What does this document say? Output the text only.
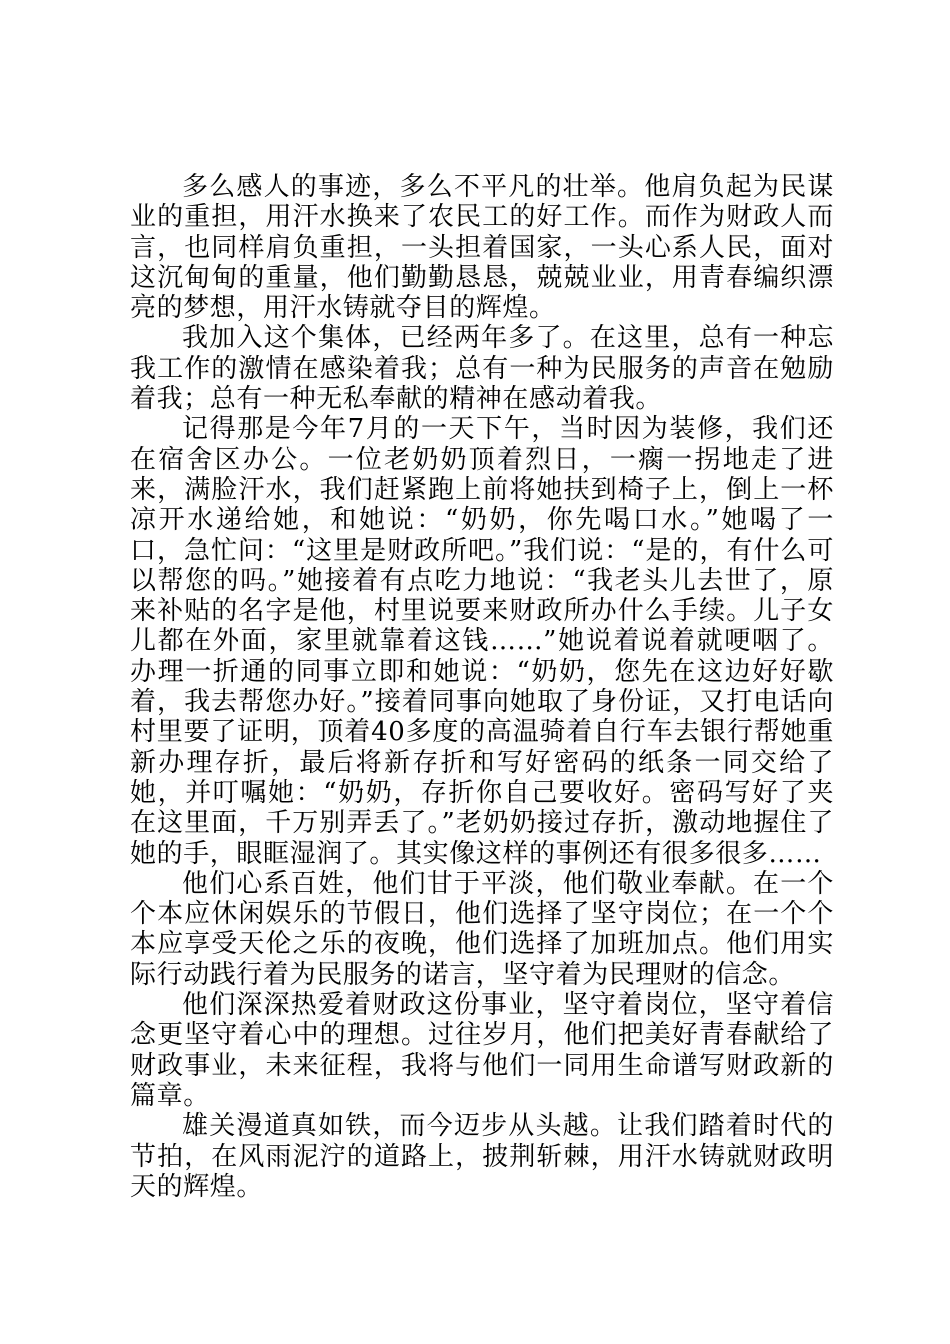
多么感人的事迹，多么不平凡的壮举。他肩负起为民谋业的重担，用汗水换来了农民工的好工作。而作为财政人而言，也同样肩负重担，一头担着国家，一头心系人民，面对这沉甸甸的重量，他们勤勤恳恳，兢兢业业，用青春编织漂亮的梦想，用汗水铸就夺目的辉煌。

我加入这个集体，已经两年多了。在这里，总有一种忘我工作的激情在感染着我；总有一种为民服务的声音在勉励着我；总有一种无私奉献的精神在感动着我。

记得那是今年7月的一天下午，当时因为装修，我们还在宿舍区办公。一位老奶奶顶着烈日，一瘸一拐地走了进来，满脸汗水，我们赶紧跑上前将她扶到椅子上，倒上一杯凉开水递给她，和她说：“奶奶，你先喝口水。”她喝了一口，急忙问：“这里是财政所吧。”我们说：“是的，有什么可以帮您的吗。”她接着有点吃力地说：“我老头儿去世了，原来补贴的名字是他，村里说要来财政所办什么手续。儿子女儿都在外面，家里就靠着这钱……”她说着说着就哽咽了。办理一折通的同事立即和她说：“奶奶，您先在这边好好歇着，我去帮您办好。”接着同事向她取了身份证，又打电话向村里要了证明，顶着40多度的高温骑着自行车去银行帮她重新办理存折，最后将新存折和写好密码的纸条一同交给了她，并叮嘱她：“奶奶，存折你自己要收好。密码写好了夹在这里面，千万别弄丢了。”老奶奶接过存折，激动地握住了她的手，眼眶湿润了。其实像这样的事例还有很多很多……

他们心系百姓，他们甘于平淡，他们敬业奉献。在一个个本应休闲娱乐的节假日，他们选择了坚守岗位；在一个个本应享受天伦之乐的夜晚，他们选择了加班加点。他们用实际行动践行着为民服务的诺言，坚守着为民理财的信念。

他们深深热爱着财政这份事业，坚守着岗位，坚守着信念更坚守着心中的理想。过往岁月，他们把美好青春献给了财政事业，未来征程，我将与他们一同用生命谱写财政新的篇章。

雄关漫道真如铁，而今迈步从头越。让我们踏着时代的节拍，在风雨泥泞的道路上，披荆斩棘，用汗水铸就财政明天的辉煌。
